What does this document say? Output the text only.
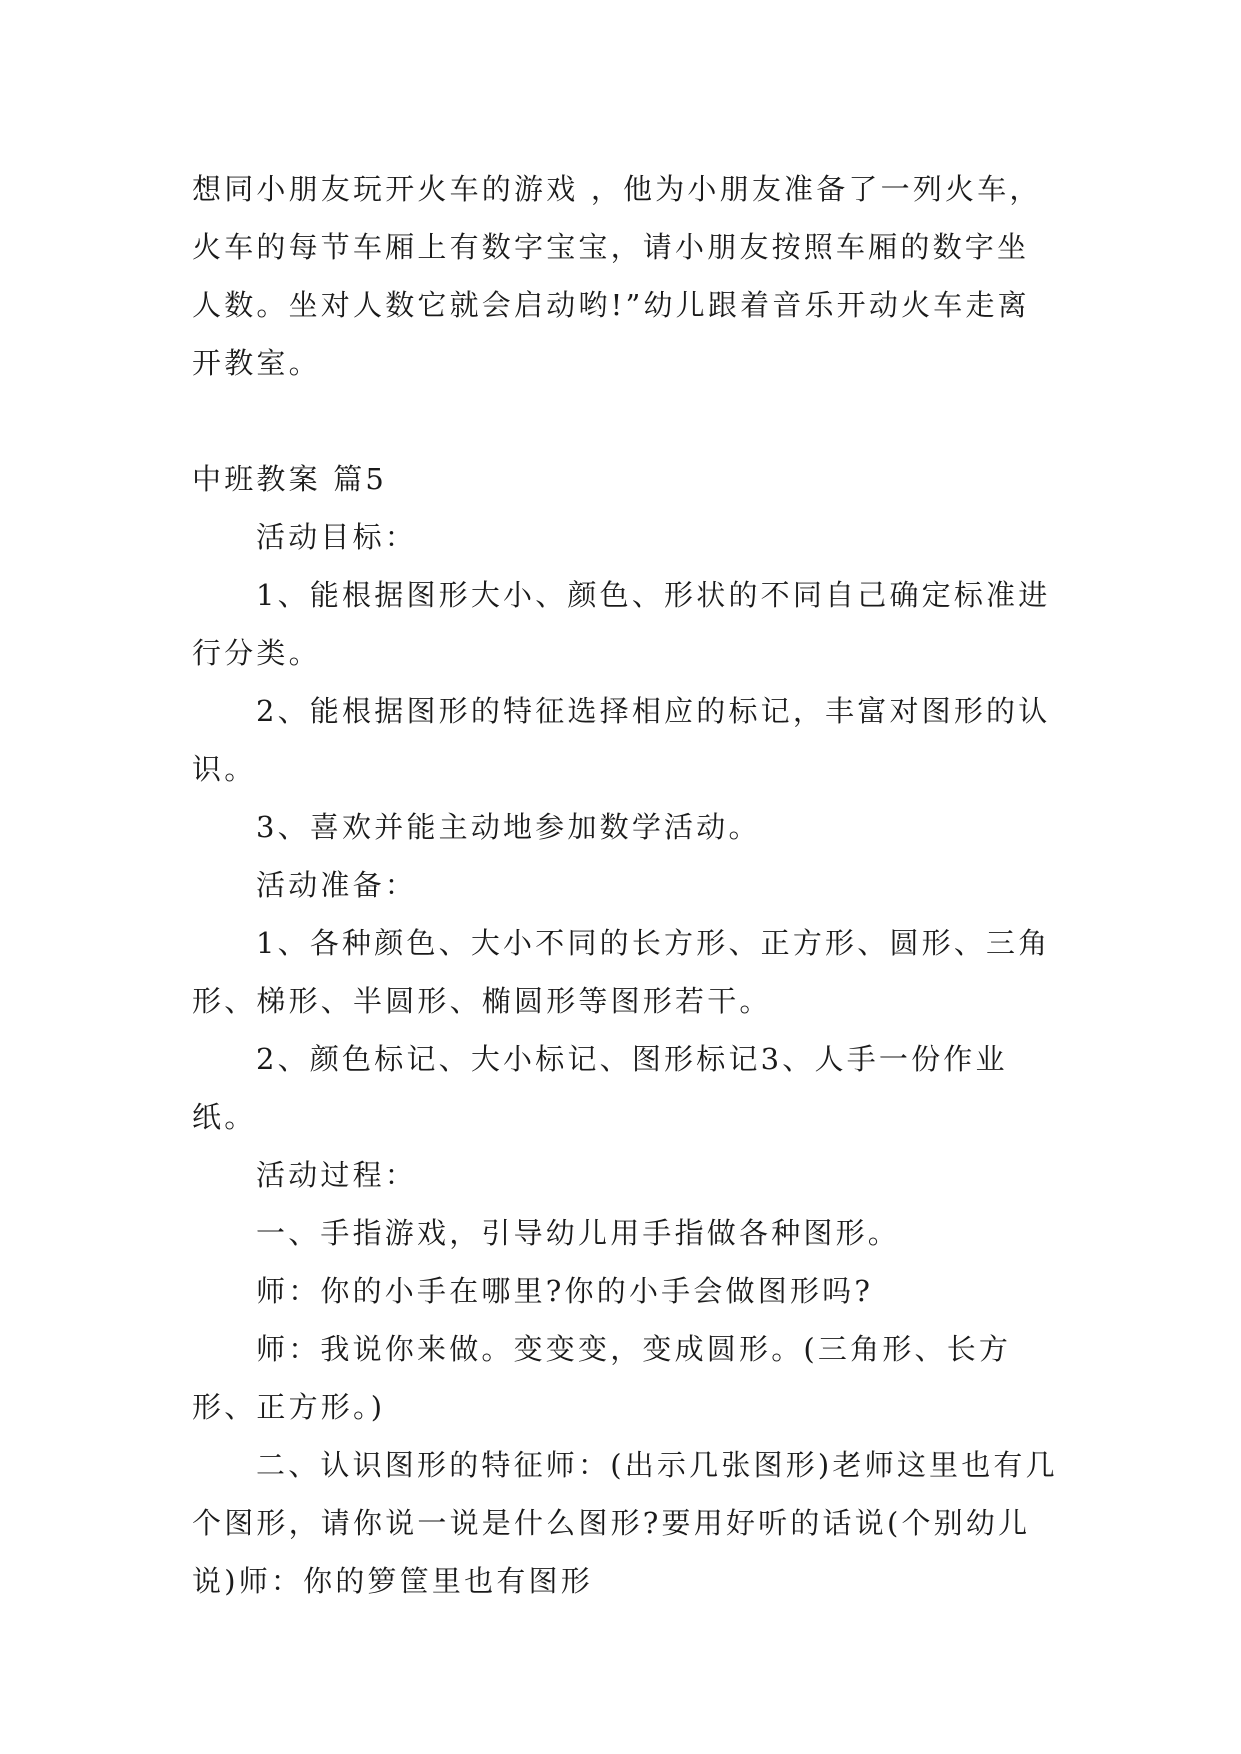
想同小朋友玩开火车的游戏 ，他为小朋友准备了一列火车，火车的每节车厢上有数字宝宝，请小朋友按照车厢的数字坐人数。坐对人数它就会启动哟!”幼儿跟着音乐开动火车走离开教室。

中班教案 篇5

活动目标：

1、能根据图形大小、颜色、形状的不同自己确定标准进行分类。

2、能根据图形的特征选择相应的标记，丰富对图形的认识。

3、喜欢并能主动地参加数学活动。

活动准备：

1、各种颜色、大小不同的长方形、正方形、圆形、三角形、梯形、半圆形、椭圆形等图形若干。

2、颜色标记、大小标记、图形标记3、人手一份作业纸。

活动过程：

一、手指游戏，引导幼儿用手指做各种图形。

师：你的小手在哪里?你的小手会做图形吗?

师：我说你来做。变变变，变成圆形。(三角形、长方形、正方形。)

二、认识图形的特征师：(出示几张图形)老师这里也有几个图形，请你说一说是什么图形?要用好听的话说(个别幼儿说)师：你的箩筐里也有图形
